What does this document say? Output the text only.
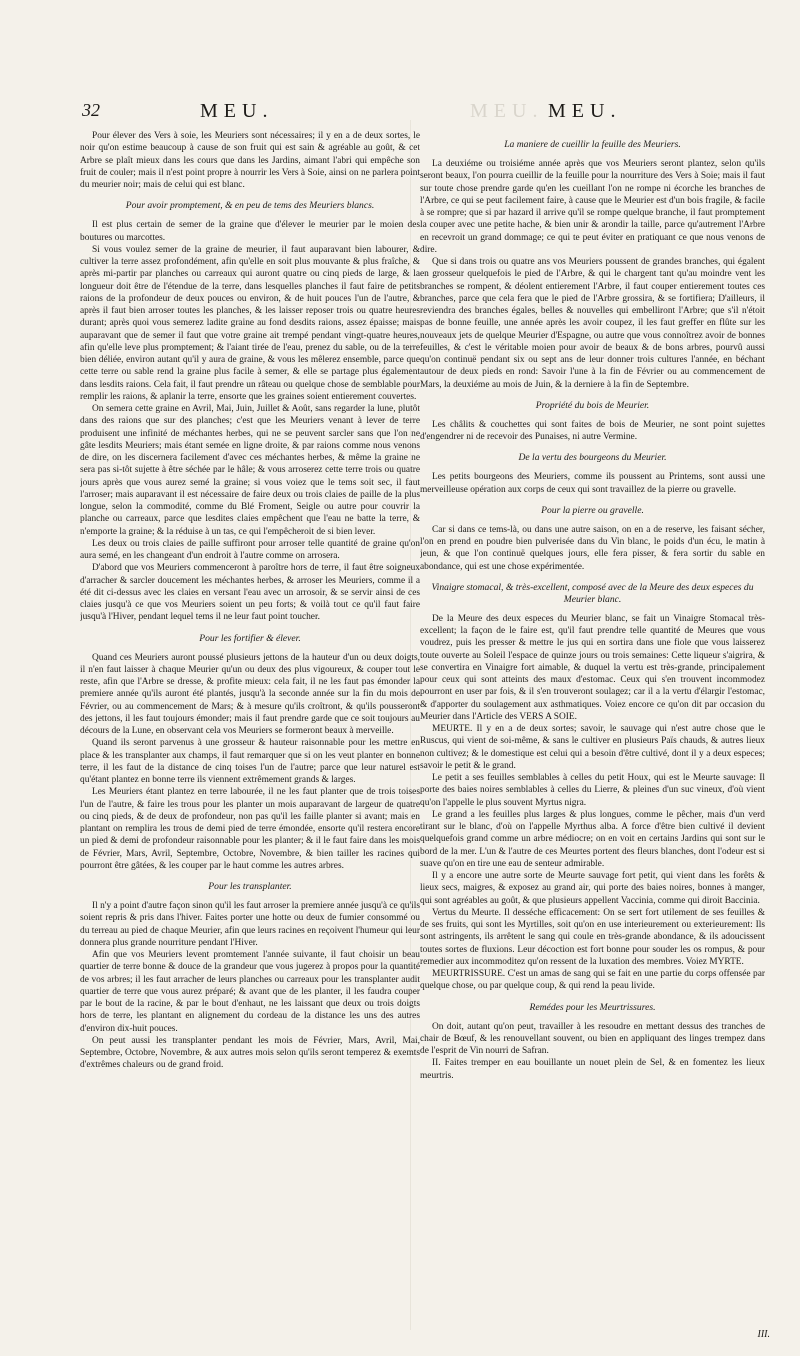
32	MEU.	MEU. MEU.

Pour élever des Vers à soie, les Meuriers sont nécessaires; il y en a de deux sortes, le noir qu'on estime beaucoup à cause de son fruit qui est sain & agréable au goût, & cet Arbre se plaît mieux dans les cours que dans les Jardins, aimant l'abri qui empêche son fruit de couler; mais il n'est point propre à nourrir les Vers à Soie, ainsi on ne parlera point du meurier noir; mais de celui qui est blanc.

Pour avoir promptement, & en peu de tems des Meuriers blancs.

Il est plus certain de semer de la graine que d'élever le meurier par le moien des boutures ou marcottes.

Si vous voulez semer de la graine de meurier, il faut auparavant bien labourer, & cultiver la terre assez profondément, afin qu'elle en soit plus mouvante & plus fraîche, & après mi-partir par planches ou carreaux qui auront quatre ou cinq pieds de large, & la longueur doit être de l'étendue de la terre, dans lesquelles planches il faut faire de petits raions de la profondeur de deux pouces ou environ, & de huit pouces l'un de l'autre, & après il faut bien arroser toutes les planches, & les laisser reposer trois ou quatre heures durant; après quoi vous semerez ladite graine au fond desdits raions, assez épaisse; mais auparavant que de semer il faut que votre graine ait trempé pendant vingt-quatre heures, afin qu'elle leve plus promptement; & l'aiant tirée de l'eau, prenez du sable, ou de la terre bien déliée, environ autant qu'il y aura de graine, & vous les mêlerez ensemble, parce que cette terre ou sable rend la graine plus facile à semer, & elle se partage plus également dans lesdits raions. Cela fait, il faut prendre un râteau ou quelque chose de semblable pour remplir les raions, & aplanir la terre, ensorte que les graines soient entierement couvertes.

On semera cette graine en Avril, Mai, Juin, Juillet & Août, sans regarder la lune, plutôt dans des raions que sur des planches; c'est que les Meuriers venant à lever de terre produisent une infinité de méchantes herbes, qui ne se peuvent sarcler sans que l'on ne gâte lesdits Meuriers; mais étant semée en ligne droite, & par raions comme nous venons de dire, on les discernera facilement d'avec ces méchantes herbes, & même la graine ne sera pas si-tôt sujette à être séchée par le hâle; & vous arroserez cette terre trois ou quatre jours après que vous aurez semé la graine; si vous voiez que le tems soit sec, il faut l'arroser; mais auparavant il est nécessaire de faire deux ou trois claies de paille de la plus longue, selon la commodité, comme du Blé Froment, Seigle ou autre pour couvrir la planche ou carreaux, parce que lesdites claies empêchent que l'eau ne batte la terre, & n'emporte la graine; & la réduise à un tas, ce qui l'empêcheroit de si bien lever.

Les deux ou trois claies de paille suffiront pour arroser telle quantité de graine qu'on aura semé, en les changeant d'un endroit à l'autre comme on arrosera.

D'abord que vos Meuriers commenceront à paroître hors de terre, il faut être soigneux d'arracher & sarcler doucement les méchantes herbes, & arroser les Meuriers, comme il a été dit ci-dessus avec les claies en versant l'eau avec un arrosoir, & se servir ainsi de ces claies jusqu'à ce que vos Meuriers soient un peu forts; & voilà tout ce qu'il faut faire jusqu'à l'Hiver, pendant lequel tems il ne leur faut point toucher.

Pour les fortifier & élever.

Quand ces Meuriers auront poussé plusieurs jettons de la hauteur d'un ou deux doigts, il n'en faut laisser à chaque Meurier qu'un ou deux des plus vigoureux, & couper tout le reste, afin que l'Arbre se dresse, & profite mieux: cela fait, il ne les faut pas émonder la premiere année qu'ils auront été plantés, jusqu'à la seconde année sur la fin du mois de Février, ou au commencement de Mars; & à mesure qu'ils croîtront, & qu'ils pousseront des jettons, il les faut toujours émonder; mais il faut prendre garde que ce soit toujours au décours de la Lune, en observant cela vos Meuriers se formeront beaux à merveille.

Quand ils seront parvenus à une grosseur & hauteur raisonnable pour les mettre en place & les transplanter aux champs, il faut remarquer que si on les veut planter en bonne terre, il les faut de la distance de cinq toises l'un de l'autre; parce que leur naturel est qu'étant plantez en bonne terre ils viennent extrêmement grands & larges.

Les Meuriers étant plantez en terre labourée, il ne les faut planter que de trois toises l'un de l'autre, & faire les trous pour les planter un mois auparavant de largeur de quatre ou cinq pieds, & de deux de profondeur, non pas qu'il les faille planter si avant; mais en plantant on remplira les trous de demi pied de terre émondée, ensorte qu'il restera encore un pied & demi de profondeur raisonnable pour les planter; & il le faut faire dans les mois de Février, Mars, Avril, Septembre, Octobre, Novembre, & bien tailler les racines qui pourront être gâtées, & les couper par le haut comme les autres arbres.

Pour les transplanter.

Il n'y a point d'autre façon sinon qu'il les faut arroser la premiere année jusqu'à ce qu'ils soient repris & pris dans l'hiver. Faites porter une hotte ou deux de fumier consommé ou du terreau au pied de chaque Meurier, afin que leurs racines en reçoivent l'humeur qui leur donnera plus grande nourriture pendant l'Hiver.

Afin que vos Meuriers levent promtement l'année suivante, il faut choisir un beau quartier de terre bonne & douce de la grandeur que vous jugerez à propos pour la quantité de vos arbres; il les faut arracher de leurs planches ou carreaux pour les transplanter audit quartier de terre que vous aurez préparé; & avant que de les planter, il les faudra couper par le bout de la racine, & par le bout d'enhaut, ne les laissant que deux ou trois doigts hors de terre, les plantant en alignement du cordeau de la distance les uns des autres d'environ dix-huit pouces.

On peut aussi les transplanter pendant les mois de Février, Mars, Avril, Mai, Septembre, Octobre, Novembre, & aux autres mois selon qu'ils seront temperez & exemts d'extrêmes chaleurs ou de grand froid.

La maniere de cueillir la feuille des Meuriers.

La deuxiéme ou troisiéme année après que vos Meuriers seront plantez, selon qu'ils seront beaux, l'on pourra cueillir de la feuille pour la nourriture des Vers à Soie; mais il faut sur toute chose prendre garde qu'en les cueillant l'on ne rompe ni écorche les branches de l'Arbre, ce qui se peut facilement faire, à cause que le Meurier est d'un bois fragile, & facile à se rompre; que si par hazard il arrive qu'il se rompe quelque branche, il faut promptement la couper avec une petite hache, & bien unir & arondir la taille, parce qu'autrement l'Arbre en recevroit un grand dommage; ce qui te peut éviter en pratiquant ce que nous venons de dire.

Que si dans trois ou quatre ans vos Meuriers poussent de grandes branches, qui égalent en grosseur quelquefois le pied de l'Arbre, & qui le chargent tant qu'au moindre vent les branches se rompent, & déolent entierement l'Arbre, il faut couper entierement toutes ces branches, parce que cela fera que le pied de l'Arbre grossira, & se fortifiera; D'ailleurs, il reviendra des branches égales, belles & nouvelles qui embelliront l'Arbre; que s'il n'étoit pas de bonne feuille, une année après les avoir coupez, il les faut greffer en flûte sur les nouveaux jets de quelque Meurier d'Espagne, ou autre que vous connoîtrez avoir de bonnes feuilles, & c'est le véritable moien pour avoir de beaux & de bons arbres, pourvû aussi qu'on continuë pendant six ou sept ans de leur donner trois cultures l'année, en béchant autour de deux pieds en rond: Savoir l'une à la fin de Février ou au commencement de Mars, la deuxiéme au mois de Juin, & la derniere à la fin de Septembre.

Propriété du bois de Meurier.

Les châlits & couchettes qui sont faites de bois de Meurier, ne sont point sujettes d'engendrer ni de recevoir des Punaises, ni autre Vermine.

De la vertu des bourgeons du Meurier.

Les petits bourgeons des Meuriers, comme ils poussent au Printems, sont aussi une merveilleuse opération aux corps de ceux qui sont travaillez de la pierre ou gravelle.

Pour la pierre ou gravelle.

Car si dans ce tems-là, ou dans une autre saison, on en a de reserve, les faisant sécher, l'on en prend en poudre bien pulverisée dans du Vin blanc, le poids d'un écu, le matin à jeun, & que l'on continuë quelques jours, elle fera pisser, & fera sortir du sable en abondance, qui est une chose expérimentée.

Vinaigre stomacal, & très-excellent, composé avec de la Meure des deux especes du Meurier blanc.

De la Meure des deux especes du Meurier blanc, se fait un Vinaigre Stomacal très-excellent; la façon de le faire est, qu'il faut prendre telle quantité de Meures que vous voudrez, puis les presser & mettre le jus qui en sortira dans une fiole que vous laisserez toute ouverte au Soleil l'espace de quinze jours ou trois semaines: Cette liqueur s'aigrira, & se convertira en Vinaigre fort aimable, & duquel la vertu est très-grande, principalement pour ceux qui sont atteints des maux d'estomac. Ceux qui s'en trouvent incommodez pourront en user par fois, & il s'en trouveront soulagez; car il a la vertu d'élargir l'estomac, & d'apporter du soulagement aux asthmatiques. Voiez encore ce qu'on dit par occasion du Meurier dans l'Article des VERS A SOIE.

MEURTE. Il y en a de deux sortes; savoir, le sauvage qui n'est autre chose que le Ruscus, qui vient de soi-même, & sans le cultiver en plusieurs Païs chauds, & autres lieux non cultivez; & le domestique est celui qui a besoin d'être cultivé, dont il y a deux especes; savoir le petit & le grand.

Le petit a ses feuilles semblables à celles du petit Houx, qui est le Meurte sauvage: Il porte des baies noires semblables à celles du Lierre, & pleines d'un suc vineux, d'où vient qu'on l'appelle le plus souvent Myrtus nigra.

Le grand a les feuilles plus larges & plus longues, comme le pêcher, mais d'un verd tirant sur le blanc, d'où on l'appelle Myrthus alba. A force d'être bien cultivé il devient quelquefois grand comme un arbre médiocre; on en voit en certains Jardins qui sont sur le bord de la mer. L'un & l'autre de ces Meurtes portent des fleurs blanches, dont l'odeur est si suave qu'on en tire une eau de senteur admirable.

Il y a encore une autre sorte de Meurte sauvage fort petit, qui vient dans les forêts & lieux secs, maigres, & exposez au grand air, qui porte des baies noires, bonnes à manger, qui sont agréables au goût, & que plusieurs appellent Vaccinia, comme qui diroit Baccinia.

Vertus du Meurte. Il desséche efficacement: On se sert fort utilement de ses feuilles & de ses fruits, qui sont les Myrtilles, soit qu'on en use interieurement ou exterieurement: Ils sont astringents, ils arrêtent le sang qui coule en très-grande abondance, & ils adoucissent toutes sortes de fluxions. Leur décoction est fort bonne pour souder les os rompus, & pour remedier aux incommoditez qu'on ressent de la luxation des membres. Voiez MYRTE.

MEURTRISSURE. C'est un amas de sang qui se fait en une partie du corps offensée par quelque chose, ou par quelque coup, & qui rend la peau livide.

Remédes pour les Meurtrissures.

On doit, autant qu'on peut, travailler à les resoudre en mettant dessus des tranches de chair de Bœuf, & les renouvellant souvent, ou bien en appliquant des linges trempez dans de l'esprit de Vin nourri de Safran.

II. Faites tremper en eau bouillante un nouet plein de Sel, & en fomentez les lieux meurtris.

III.
